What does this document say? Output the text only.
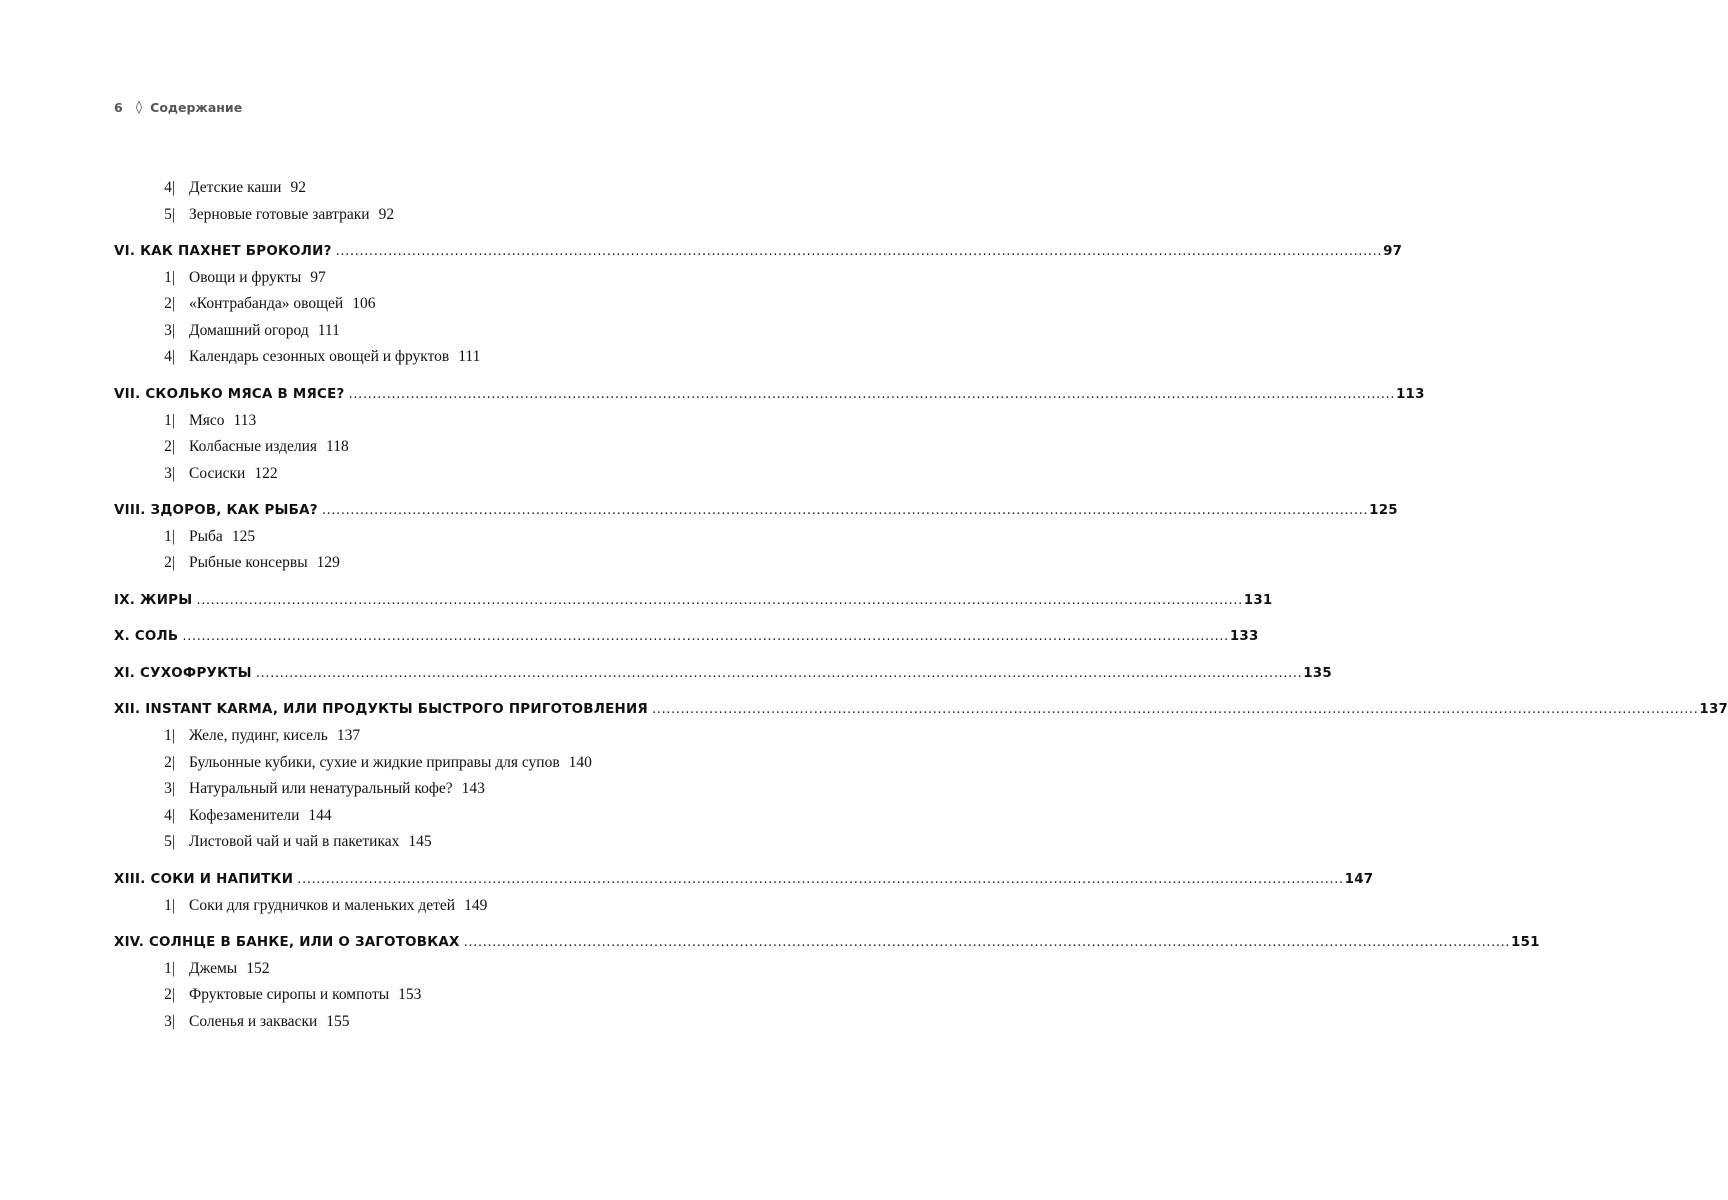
6 ◊ Содержание
4| Детские каши 92
5| Зерновые готовые завтраки 92
VI. КАК ПАХНЕТ БРОКОЛИ? ............................................................................................................................................................................................................................ 97
1| Овощи и фрукты 97
2| «Контрабанда» овощей 106
3| Домашний огород 111
4| Календарь сезонных овощей и фруктов 111
VII. СКОЛЬКО МЯСА В МЯСЕ? ............................................................................................................................................................................................................................ 113
1| Мясо 113
2| Колбасные изделия 118
3| Сосиски 122
VIII. ЗДОРОВ, КАК РЫБА? ............................................................................................................................................................................................................................ 125
1| Рыба 125
2| Рыбные консервы 129
IX. ЖИРЫ ............................................................................................................................................................................................................................ 131
X. СОЛЬ ............................................................................................................................................................................................................................ 133
XI. СУХОФРУКТЫ ............................................................................................................................................................................................................................ 135
XII. INSTANT KARMA, ИЛИ ПРОДУКТЫ БЫСТРОГО ПРИГОТОВЛЕНИЯ ............................................................................................................................................................................................................................ 137
1| Желе, пудинг, кисель 137
2| Бульонные кубики, сухие и жидкие приправы для супов 140
3| Натуральный или ненатуральный кофе? 143
4| Кофезаменители 144
5| Листовой чай и чай в пакетиках 145
XIII. СОКИ И НАПИТКИ ............................................................................................................................................................................................................................ 147
1| Соки для грудничков и маленьких детей 149
XIV. СОЛНЦЕ В БАНКЕ, ИЛИ О ЗАГОТОВКАХ ............................................................................................................................................................................................................................ 151
1| Джемы 152
2| Фруктовые сиропы и компоты 153
3| Соленья и закваски 155
